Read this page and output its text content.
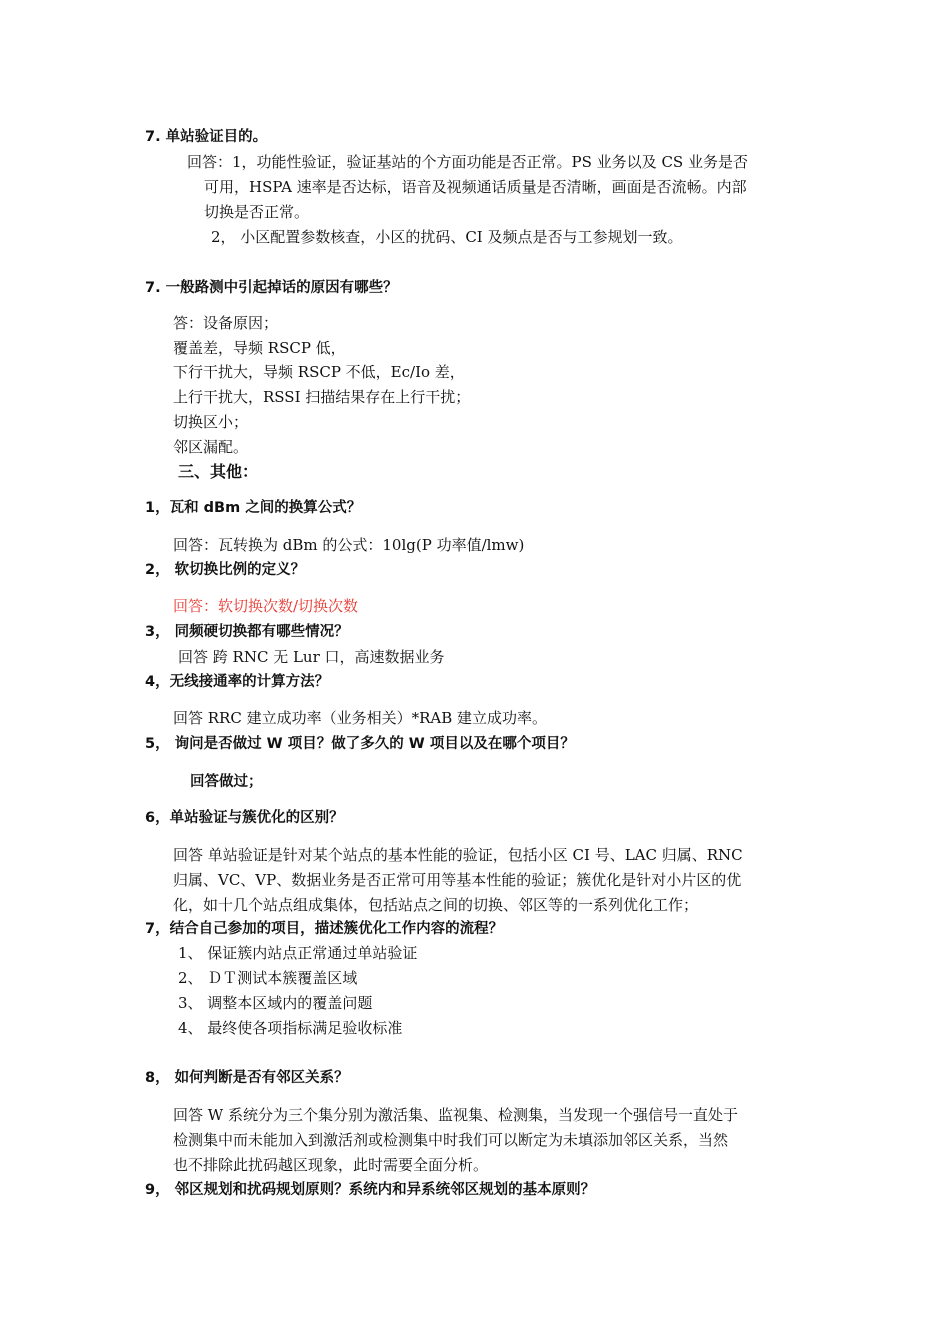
7. 单站验证目的。

回答：1，功能性验证，验证基站的个方面功能是否正常。PS 业务以及 CS 业务是否

可用，HSPA 速率是否达标，语音及视频通话质量是否清晰，画面是否流畅。内部

切换是否正常。

2， 小区配置参数核查，小区的扰码、CI 及频点是否与工参规划一致。

7. 一般路测中引起掉话的原因有哪些？

答：设备原因；

覆盖差，导频 RSCP 低，

下行干扰大，导频 RSCP 不低，Ec/Io 差，

上行干扰大，RSSI 扫描结果存在上行干扰；

切换区小；

邻区漏配。

三、其他：

1，瓦和 dBm 之间的换算公式？

回答：瓦转换为 dBm 的公式：10lg(P 功率值/lmw)

2， 软切换比例的定义？

回答：软切换次数/切换次数

3， 同频硬切换都有哪些情况？

回答 跨 RNC 无 Lur 口，高速数据业务

4，无线接通率的计算方法？

回答 RRC 建立成功率（业务相关）*RAB 建立成功率。

5， 询问是否做过 W 项目？做了多久的 W 项目以及在哪个项目？

回答做过；

6，单站验证与簇优化的区别？

回答 单站验证是针对某个站点的基本性能的验证，包括小区 CI 号、LAC 归属、RNC

归属、VC、VP、数据业务是否正常可用等基本性能的验证；簇优化是针对小片区的优

化，如十几个站点组成集体，包括站点之间的切换、邻区等的一系列优化工作；

7，结合自己参加的项目，描述簇优化工作内容的流程？

1、 保证簇内站点正常通过单站验证

2、 ＤＴ测试本簇覆盖区域

3、 调整本区域内的覆盖问题

4、 最终使各项指标满足验收标准

8， 如何判断是否有邻区关系？

回答 W 系统分为三个集分别为激活集、监视集、检测集，当发现一个强信号一直处于

检测集中而未能加入到激活剂或检测集中时我们可以断定为未填添加邻区关系，当然

也不排除此扰码越区现象，此时需要全面分析。

9， 邻区规划和扰码规划原则？系统内和异系统邻区规划的基本原则？
